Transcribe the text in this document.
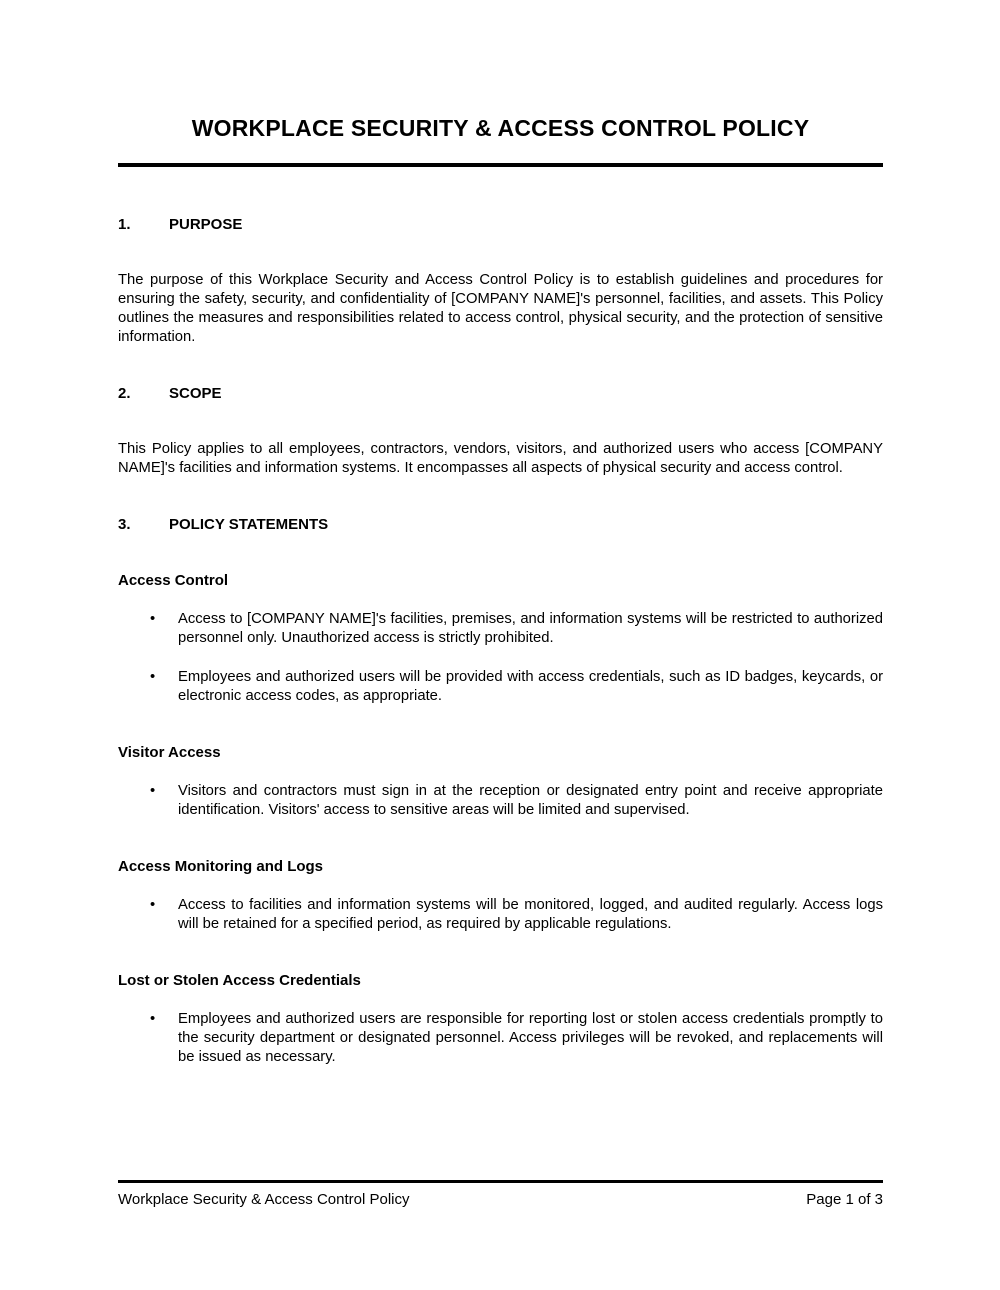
WORKPLACE SECURITY & ACCESS CONTROL POLICY
1.	PURPOSE

The purpose of this Workplace Security and Access Control Policy is to establish guidelines and procedures for ensuring the safety, security, and confidentiality of [COMPANY NAME]'s personnel, facilities, and assets. This Policy outlines the measures and responsibilities related to access control, physical security, and the protection of sensitive information.

2.	SCOPE

This Policy applies to all employees, contractors, vendors, visitors, and authorized users who access [COMPANY NAME]'s facilities and information systems. It encompasses all aspects of physical security and access control.

3.	POLICY STATEMENTS
Access Control
• Access to [COMPANY NAME]'s facilities, premises, and information systems will be restricted to authorized personnel only. Unauthorized access is strictly prohibited.
• Employees and authorized users will be provided with access credentials, such as ID badges, keycards, or electronic access codes, as appropriate.
Visitor Access
• Visitors and contractors must sign in at the reception or designated entry point and receive appropriate identification. Visitors' access to sensitive areas will be limited and supervised.
Access Monitoring and Logs
• Access to facilities and information systems will be monitored, logged, and audited regularly. Access logs will be retained for a specified period, as required by applicable regulations.
Lost or Stolen Access Credentials
• Employees and authorized users are responsible for reporting lost or stolen access credentials promptly to the security department or designated personnel. Access privileges will be revoked, and replacements will be issued as necessary.
Workplace Security & Access Control Policy	Page 1 of 3
